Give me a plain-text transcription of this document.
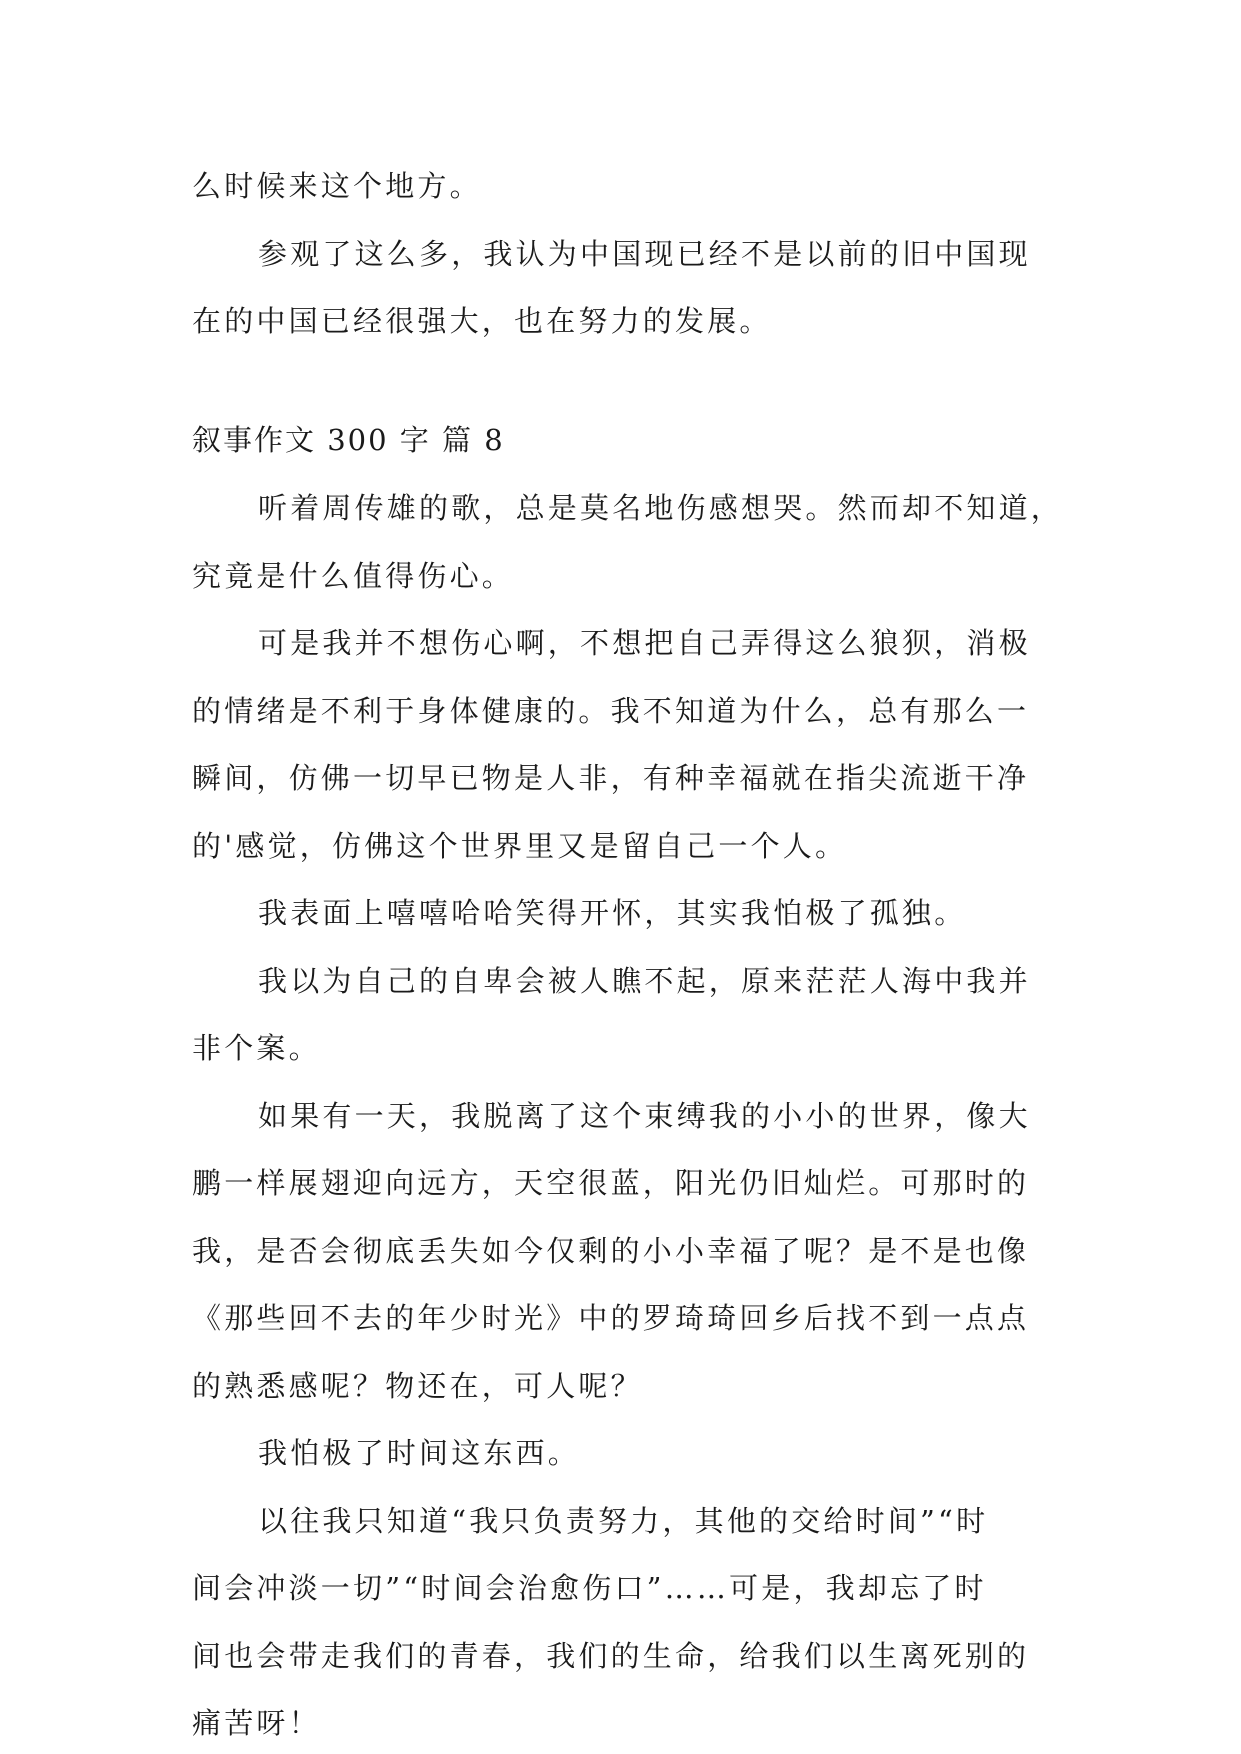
么时候来这个地方。
参观了这么多，我认为中国现已经不是以前的旧中国现
在的中国已经很强大，也在努力的发展。
叙事作文 300 字 篇 8
听着周传雄的歌，总是莫名地伤感想哭。然而却不知道，
究竟是什么值得伤心。
可是我并不想伤心啊，不想把自己弄得这么狼狈，消极
的情绪是不利于身体健康的。我不知道为什么，总有那么一
瞬间，仿佛一切早已物是人非，有种幸福就在指尖流逝干净
的'感觉，仿佛这个世界里又是留自己一个人。
我表面上嘻嘻哈哈笑得开怀，其实我怕极了孤独。
我以为自己的自卑会被人瞧不起，原来茫茫人海中我并
非个案。
如果有一天，我脱离了这个束缚我的小小的世界，像大
鹏一样展翅迎向远方，天空很蓝，阳光仍旧灿烂。可那时的
我，是否会彻底丢失如今仅剩的小小幸福了呢？是不是也像
《那些回不去的年少时光》中的罗琦琦回乡后找不到一点点
的熟悉感呢？物还在，可人呢？
我怕极了时间这东西。
以往我只知道“我只负责努力，其他的交给时间”“时
间会冲淡一切”“时间会治愈伤口”……可是，我却忘了时
间也会带走我们的青春，我们的生命，给我们以生离死别的
痛苦呀！
